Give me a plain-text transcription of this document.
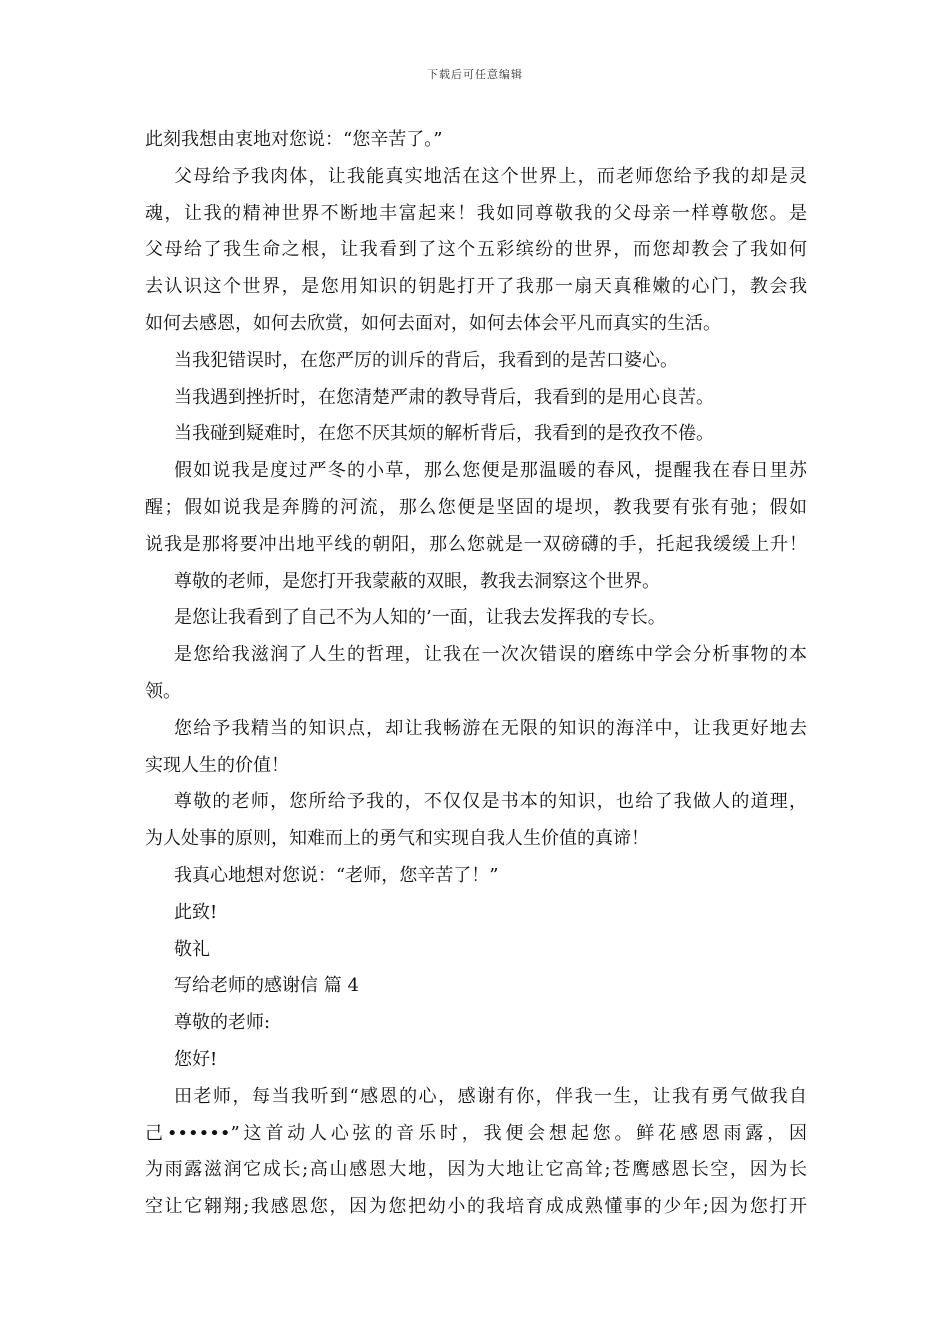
下载后可任意编辑
此刻我想由衷地对您说：“您辛苦了。”
父母给予我肉体，让我能真实地活在这个世界上，而老师您给予我的却是灵
魂，让我的精神世界不断地丰富起来！我如同尊敬我的父母亲一样尊敬您。是
父母给了我生命之根，让我看到了这个五彩缤纷的世界，而您却教会了我如何
去认识这个世界，是您用知识的钥匙打开了我那一扇天真稚嫩的心门，教会我
如何去感恩，如何去欣赏，如何去面对，如何去体会平凡而真实的生活。
当我犯错误时，在您严厉的训斥的背后，我看到的是苦口婆心。
当我遇到挫折时，在您清楚严肃的教导背后，我看到的是用心良苦。
当我碰到疑难时，在您不厌其烦的解析背后，我看到的是孜孜不倦。
假如说我是度过严冬的小草，那么您便是那温暖的春风，提醒我在春日里苏
醒；假如说我是奔腾的河流，那么您便是坚固的堤坝，教我要有张有弛；假如
说我是那将要冲出地平线的朝阳，那么您就是一双磅礴的手，托起我缓缓上升！
尊敬的老师，是您打开我蒙蔽的双眼，教我去洞察这个世界。
是您让我看到了自己不为人知的’一面，让我去发挥我的专长。
是您给我滋润了人生的哲理，让我在一次次错误的磨练中学会分析事物的本
领。
您给予我精当的知识点，却让我畅游在无限的知识的海洋中，让我更好地去
实现人生的价值！
尊敬的老师，您所给予我的，不仅仅是书本的知识，也给了我做人的道理，
为人处事的原则，知难而上的勇气和实现自我人生价值的真谛！
我真心地想对您说：“老师，您辛苦了！”
此致!
敬礼
写给老师的感谢信 篇 4
尊敬的老师:
您好!
田老师，每当我听到“感恩的心，感谢有你，伴我一生，让我有勇气做我自
己••••••”这首动人心弦的音乐时，我便会想起您。鲜花感恩雨露，因
为雨露滋润它成长;高山感恩大地，因为大地让它高耸;苍鹰感恩长空，因为长
空让它翱翔;我感恩您，因为您把幼小的我培育成成熟懂事的少年;因为您打开
